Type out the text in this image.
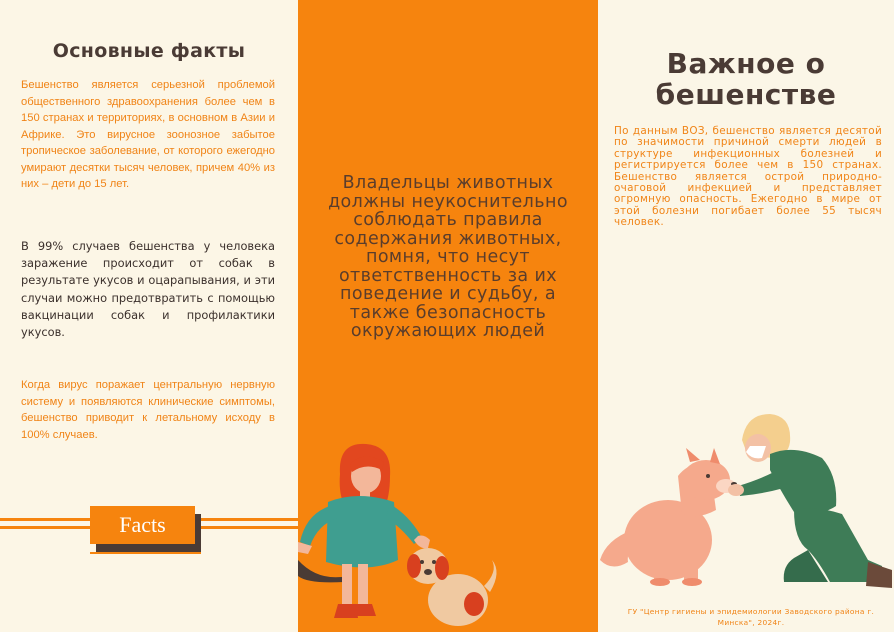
Основные факты
Бешенство является серьезной проблемой общественного здравоохранения более чем в 150 странах и территориях, в основном в Азии и Африке. Это вирусное зоонозное забытое тропическое заболевание, от которого ежегодно умирают десятки тысяч человек, причем 40% из них – дети до 15 лет.
В 99% случаев бешенства у человека заражение происходит от собак в результате укусов и оцарапывания, и эти случаи можно предотвратить с помощью вакцинации собак и профилактики укусов.
Когда вирус поражает центральную нервную систему и появляются клинические симптомы, бешенство приводит к летальному исходу в 100% случаев.
Facts
Владельцы животных должны неукоснительно соблюдать правила содержания животных, помня, что несут ответственность за их поведение и судьбу, а также безопасность окружающих людей
Важное о бешенстве
По данным ВОЗ, бешенство является десятой по значимости причиной смерти людей в структуре инфекционных болезней и регистрируется более чем в 150 странах. Бешенство является острой природно-очаговой инфекцией и представляет огромную опасность. Ежегодно в мире от этой болезни погибает более 55 тысяч человек.
ГУ "Центр гигиены и эпидемиологии Заводского района г. Минска", 2024г.
